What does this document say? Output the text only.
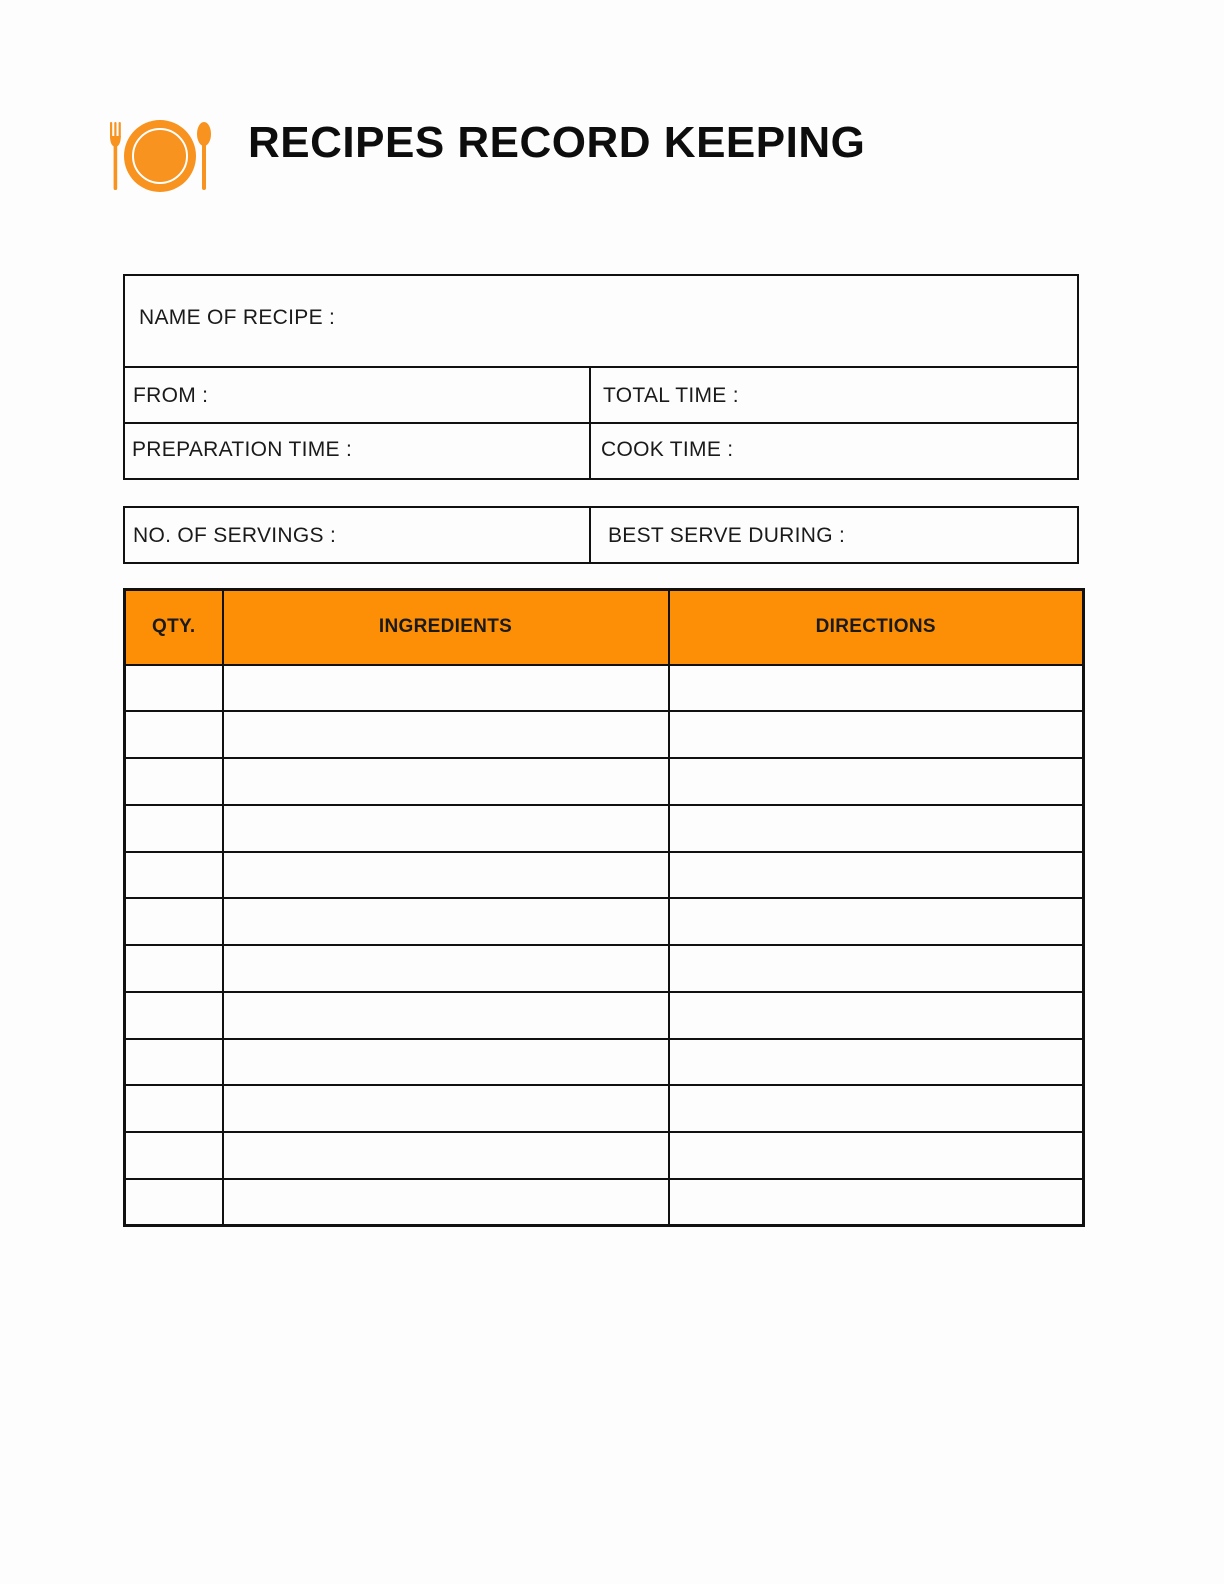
RECIPES RECORD KEEPING
NAME OF RECIPE :
FROM :	TOTAL TIME :
PREPARATION TIME :	COOK TIME :
NO. OF SERVINGS :	BEST SERVE DURING :
QTY.	INGREDIENTS	DIRECTIONS
